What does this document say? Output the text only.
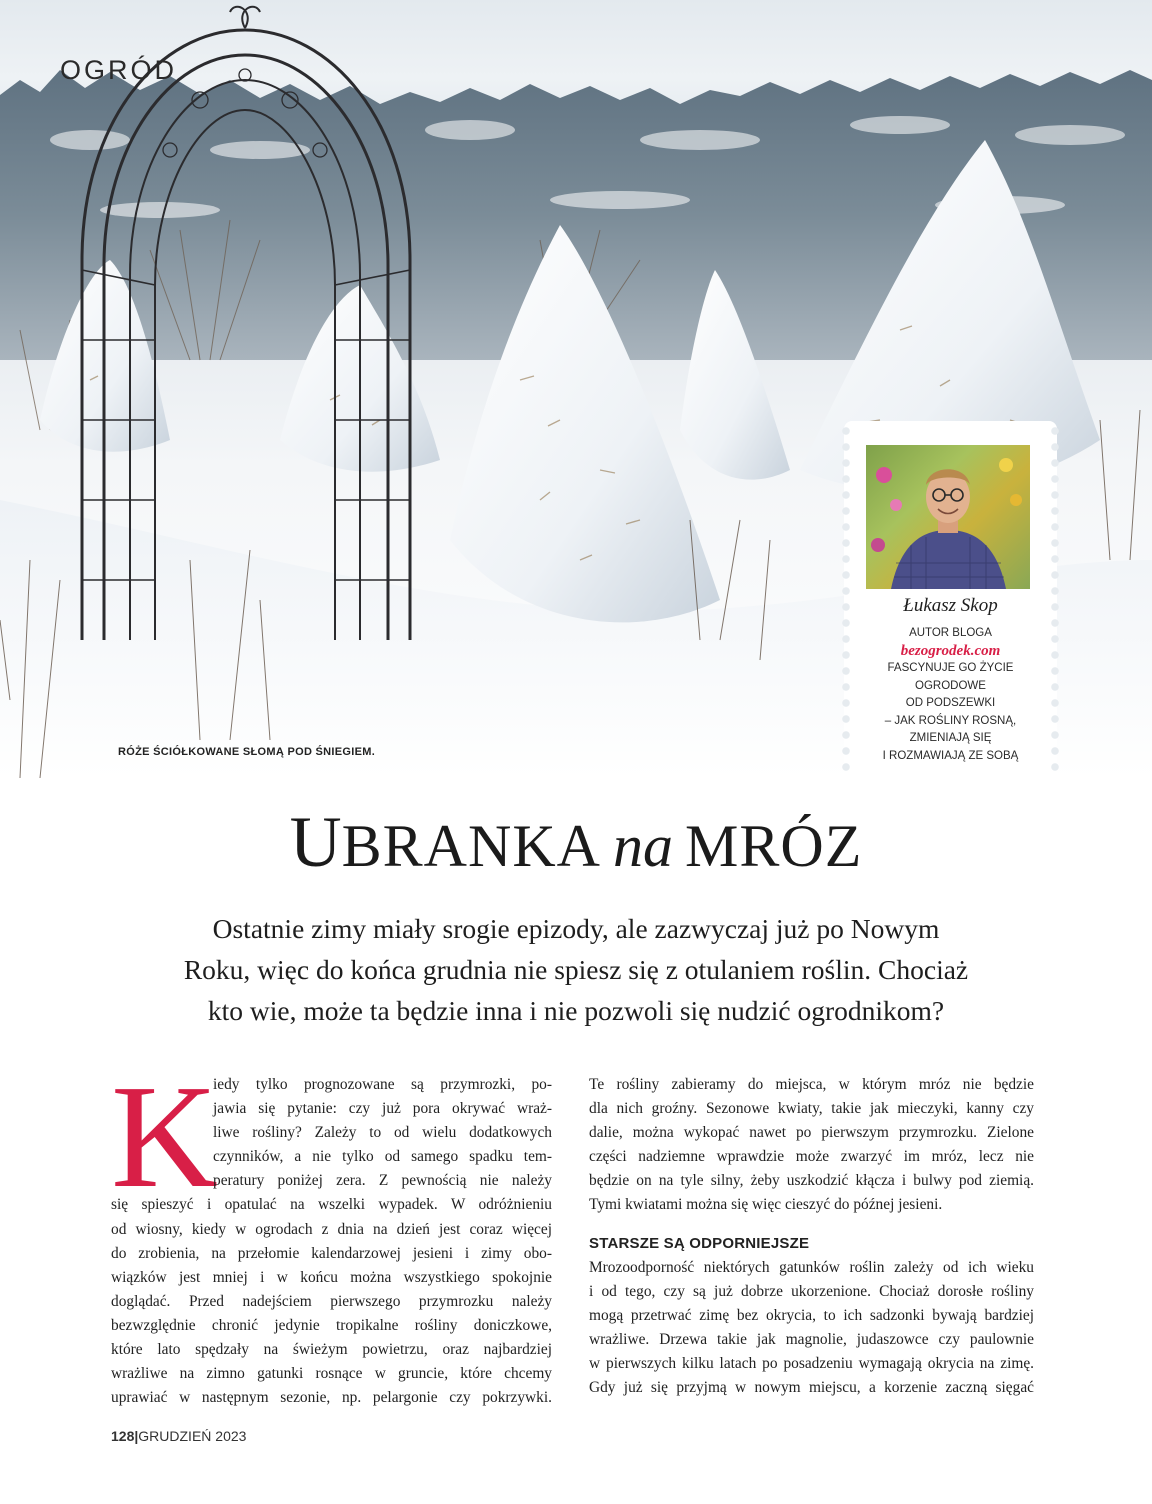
OGRÓD

RÓŻE ŚCIÓŁKOWANE SŁOMĄ POD ŚNIEGIEM.

Łukasz Skop

AUTOR BLOGA
bezogrodek.com
FASCYNUJE GO ŻYCIE
OGRODOWE
OD PODSZEWKI
– JAK ROŚLINY ROSNĄ,
ZMIENIAJĄ SIĘ
I ROZMAWIAJĄ ZE SOBĄ
UBRANKA na MRÓZ

Ostatnie zimy miały srogie epizody, ale zazwyczaj już po Nowym
Roku, więc do końca grudnia nie spiesz się z otulaniem roślin. Chociaż
kto wie, może ta będzie inna i nie pozwoli się nudzić ogrodnikom?

K

iedy tylko prognozowane są przymrozki, po-
jawia się pytanie: czy już pora okrywać wraż-
liwe rośliny? Zależy to od wielu dodatkowych
czynników, a nie tylko od samego spadku tem-
peratury poniżej zera. Z pewnością nie należy
się spieszyć i opatulać na wszelki wypadek. W odróżnieniu
od wiosny, kiedy w ogrodach z dnia na dzień jest coraz więcej
do zrobienia, na przełomie kalendarzowej jesieni i zimy obo-
wiązków jest mniej i w końcu można wszystkiego spokojnie
doglądać. Przed nadejściem pierwszego przymrozku należy
bezwzględnie chronić jedynie tropikalne rośliny doniczkowe,
które lato spędzały na świeżym powietrzu, oraz najbardziej
wrażliwe na zimno gatunki rosnące w gruncie, które chcemy
uprawiać w następnym sezonie, np. pelargonie czy pokrzywki.
Te rośliny zabieramy do miejsca, w którym mróz nie będzie
dla nich groźny. Sezonowe kwiaty, takie jak mieczyki, kanny czy
dalie, można wykopać nawet po pierwszym przymrozku. Zielone
części nadziemne wprawdzie może zwarzyć im mróz, lecz nie
będzie on na tyle silny, żeby uszkodzić kłącza i bulwy pod ziemią.
Tymi kwiatami można się więc cieszyć do późnej jesieni.
STARSZE SĄ ODPORNIEJSZE
Mrozoodporność niektórych gatunków roślin zależy od ich wieku
i od tego, czy są już dobrze ukorzenione. Chociaż dorosłe rośliny
mogą przetrwać zimę bez okrycia, to ich sadzonki bywają bardziej
wrażliwe. Drzewa takie jak magnolie, judaszowce czy paulownie
w pierwszych kilku latach po posadzeniu wymagają okrycia na zimę.
Gdy już się przyjmą w nowym miejscu, a korzenie zaczną sięgać

128|GRUDZIEŃ 2023
